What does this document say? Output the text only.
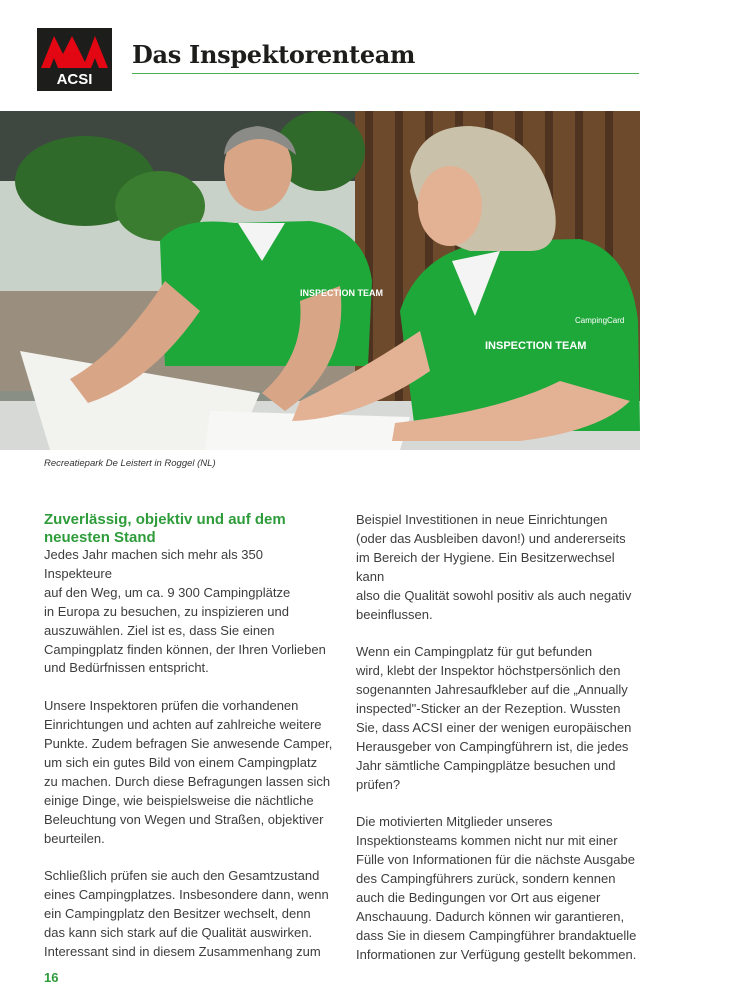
ACSI
Das Inspektorenteam
INSPECTION TEAM
INSPECTION TEAM
CampingCard
Recreatiepark De Leistert in Roggel (NL)
Zuverlässig, objektiv und auf dem
neuesten Stand

Jedes Jahr machen sich mehr als 350 Inspekteure
auf den Weg, um ca. 9 300 Campingplätze
in Europa zu besuchen, zu inspizieren und
auszuwählen. Ziel ist es, dass Sie einen
Campingplatz finden können, der Ihren Vorlieben
und Bedürfnissen entspricht.

Unsere Inspektoren prüfen die vorhandenen
Einrichtungen und achten auf zahlreiche weitere
Punkte. Zudem befragen Sie anwesende Camper,
um sich ein gutes Bild von einem Campingplatz
zu machen. Durch diese Befragungen lassen sich
einige Dinge, wie beispielsweise die nächtliche
Beleuchtung von Wegen und Straßen, objektiver
beurteilen.

Schließlich prüfen sie auch den Gesamtzustand
eines Campingplatzes. Insbesondere dann, wenn
ein Campingplatz den Besitzer wechselt, denn
das kann sich stark auf die Qualität auswirken.
Interessant sind in diesem Zusammenhang zum

Beispiel Investitionen in neue Einrichtungen
(oder das Ausbleiben davon!) und andererseits
im Bereich der Hygiene. Ein Besitzerwechsel kann
also die Qualität sowohl positiv als auch negativ
beeinflussen.

Wenn ein Campingplatz für gut befunden
wird, klebt der Inspektor höchstpersönlich den
sogenannten Jahresaufkleber auf die „Annually
inspected"-Sticker an der Rezeption. Wussten
Sie, dass ACSI einer der wenigen europäischen
Herausgeber von Campingführern ist, die jedes
Jahr sämtliche Campingplätze besuchen und
prüfen?

Die motivierten Mitglieder unseres
Inspektionsteams kommen nicht nur mit einer
Fülle von Informationen für die nächste Ausgabe
des Campingführers zurück, sondern kennen
auch die Bedingungen vor Ort aus eigener
Anschauung. Dadurch können wir garantieren,
dass Sie in diesem Campingführer brandaktuelle
Informationen zur Verfügung gestellt bekommen.

16
